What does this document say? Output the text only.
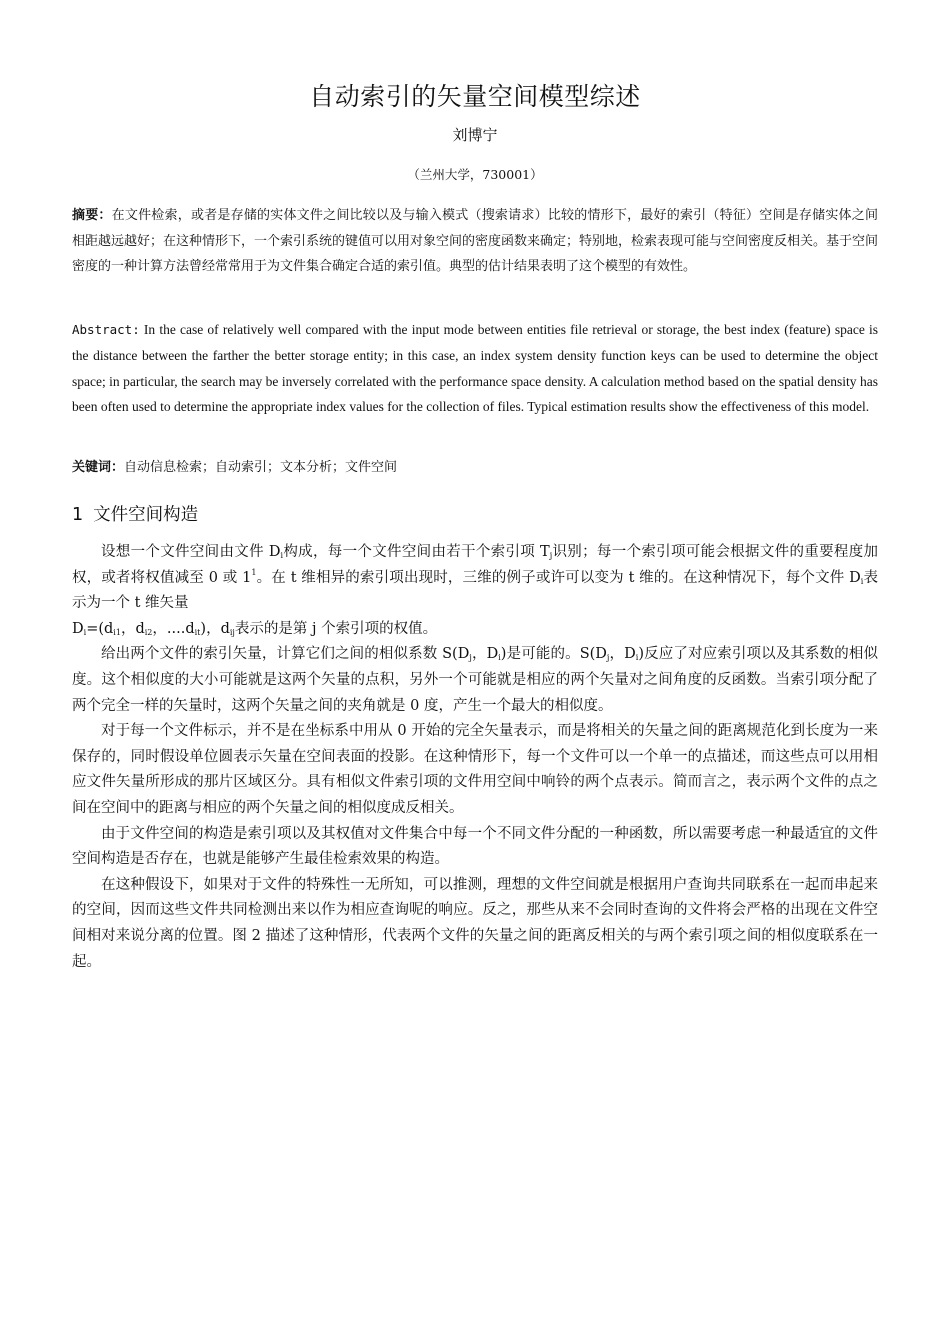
自动索引的矢量空间模型综述
刘博宁
（兰州大学，730001）
摘要：在文件检索，或者是存储的实体文件之间比较以及与输入模式（搜索请求）比较的情形下，最好的索引（特征）空间是存储实体之间相距越远越好；在这种情形下，一个索引系统的键值可以用对象空间的密度函数来确定；特别地，检索表现可能与空间密度反相关。基于空间密度的一种计算方法曾经常常用于为文件集合确定合适的索引值。典型的估计结果表明了这个模型的有效性。
Abstract: In the case of relatively well compared with the input mode between entities file retrieval or storage, the best index (feature) space is the distance between the farther the better storage entity; in this case, an index system density function keys can be used to determine the object space; in particular, the search may be inversely correlated with the performance space density. A calculation method based on the spatial density has been often used to determine the appropriate index values for the collection of files. Typical estimation results show the effectiveness of this model.
关键词：自动信息检索；自动索引；文本分析；文件空间
1 文件空间构造

设想一个文件空间由文件 $D_i$构成，每一个文件空间由若干个索引项 $T_j$识别；每一个索引项可能会根据文件的重要程度加权，或者将权值减至 0 或 $1^1$。在 t 维相异的索引项出现时，三维的例子或许可以变为 t 维的。在这种情况下，每个文件 $D_i$表示为一个 t 维矢量

$D_i=(d_{i1}$，$d_{i2}$，$....d_{it}$)，$d_{ij}$表示的是第 j 个索引项的权值。

给出两个文件的索引矢量，计算它们之间的相似系数 $S(D_j$，$D_i$)是可能的。$S(D_j$，$D_i$)反应了对应索引项以及其系数的相似度。这个相似度的大小可能就是这两个矢量的点积，另外一个可能就是相应的两个矢量对之间角度的反函数。当索引项分配了两个完全一样的矢量时，这两个矢量之间的夹角就是 0 度，产生一个最大的相似度。

对于每一个文件标示，并不是在坐标系中用从 0 开始的完全矢量表示，而是将相关的矢量之间的距离规范化到长度为一来保存的，同时假设单位圆表示矢量在空间表面的投影。在这种情形下，每一个文件可以一个单一的点描述，而这些点可以用相应文件矢量所形成的那片区域区分。具有相似文件索引项的文件用空间中响铃的两个点表示。简而言之，表示两个文件的点之间在空间中的距离与相应的两个矢量之间的相似度成反相关。

由于文件空间的构造是索引项以及其权值对文件集合中每一个不同文件分配的一种函数，所以需要考虑一种最适宜的文件空间构造是否存在，也就是能够产生最佳检索效果的构造。

在这种假设下，如果对于文件的特殊性一无所知，可以推测，理想的文件空间就是根据用户查询共同联系在一起而串起来的空间，因而这些文件共同检测出来以作为相应查询呢的响应。反之，那些从来不会同时查询的文件将会严格的出现在文件空间相对来说分离的位置。图 2 描述了这种情形，代表两个文件的矢量之间的距离反相关的与两个索引项之间的相似度联系在一起。
